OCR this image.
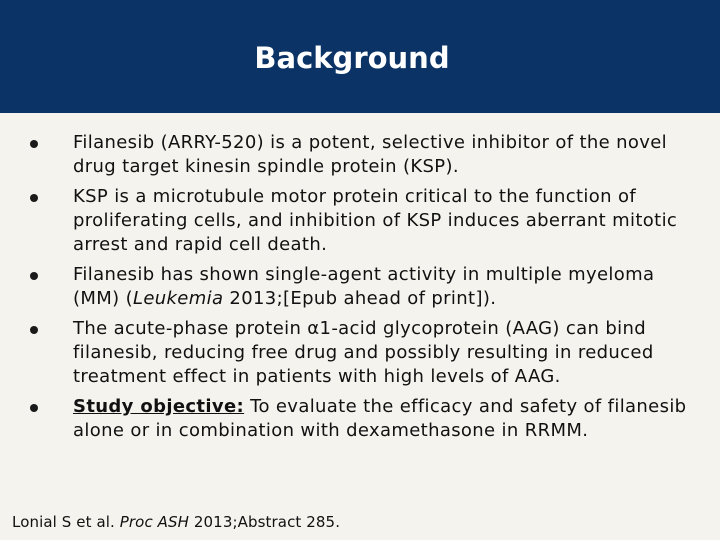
Background
Filanesib (ARRY-520) is a potent, selective inhibitor of the novel drug target kinesin spindle protein (KSP).
KSP is a microtubule motor protein critical to the function of proliferating cells, and inhibition of KSP induces aberrant mitotic arrest and rapid cell death.
Filanesib has shown single-agent activity in multiple myeloma (MM) (Leukemia 2013;[Epub ahead of print]).
The acute-phase protein α1-acid glycoprotein (AAG) can bind filanesib, reducing free drug and possibly resulting in reduced treatment effect in patients with high levels of AAG.
Study objective: To evaluate the efficacy and safety of filanesib alone or in combination with dexamethasone in RRMM.
Lonial S et al. Proc ASH 2013;Abstract 285.
